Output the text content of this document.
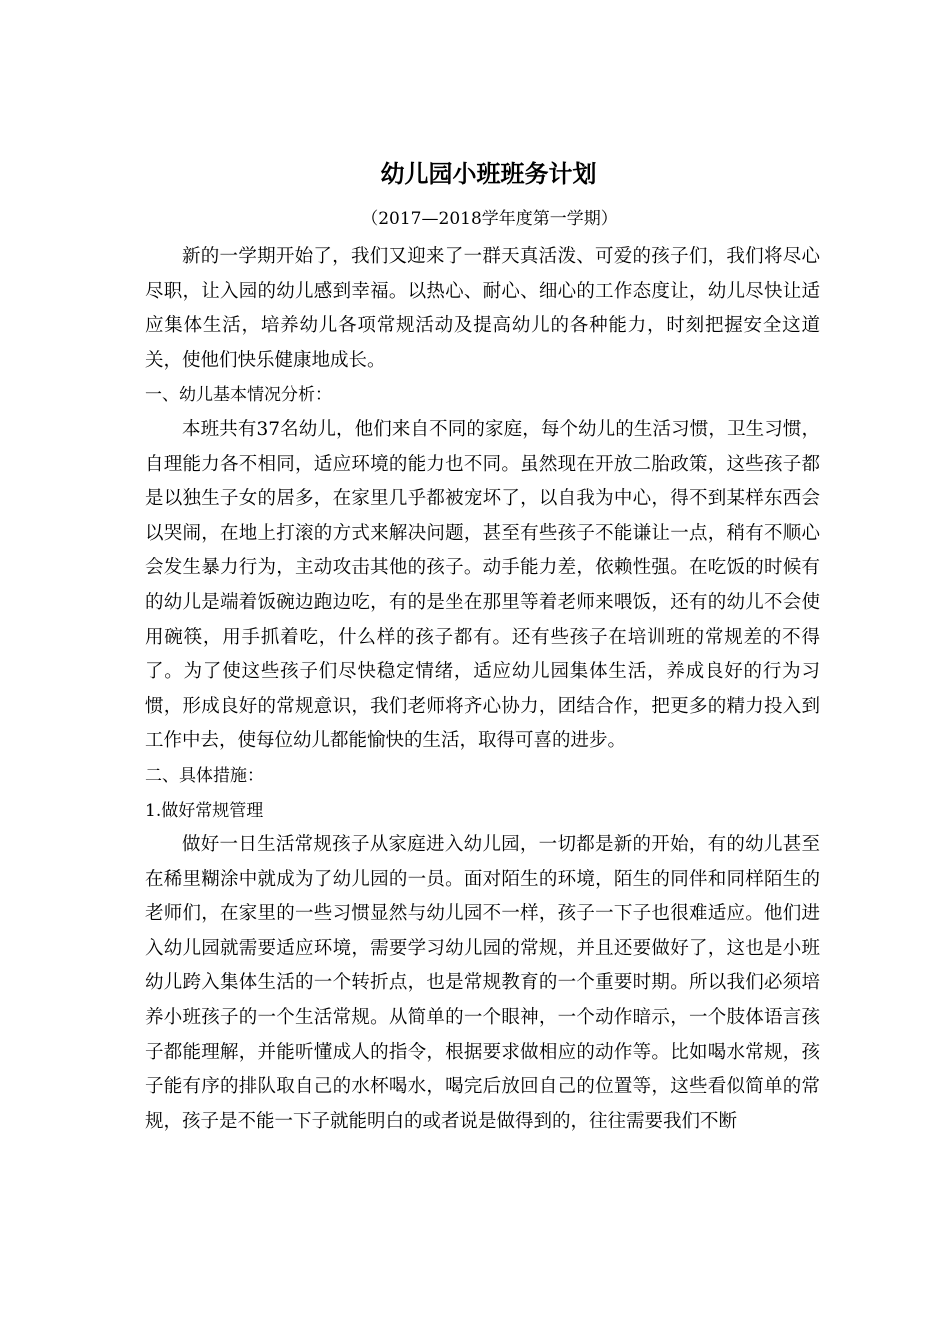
幼儿园小班班务计划

（2017—2018学年度第一学期）

新的一学期开始了，我们又迎来了一群天真活泼、可爱的孩子们，我们将尽心尽职，让入园的幼儿感到幸福。以热心、耐心、细心的工作态度让，幼儿尽快让适应集体生活，培养幼儿各项常规活动及提高幼儿的各种能力，时刻把握安全这道关，使他们快乐健康地成长。

一、幼儿基本情况分析：

本班共有37名幼儿，他们来自不同的家庭，每个幼儿的生活习惯，卫生习惯，自理能力各不相同，适应环境的能力也不同。虽然现在开放二胎政策，这些孩子都是以独生子女的居多，在家里几乎都被宠坏了，以自我为中心，得不到某样东西会以哭闹，在地上打滚的方式来解决问题，甚至有些孩子不能谦让一点，稍有不顺心会发生暴力行为，主动攻击其他的孩子。动手能力差，依赖性强。在吃饭的时候有的幼儿是端着饭碗边跑边吃，有的是坐在那里等着老师来喂饭，还有的幼儿不会使用碗筷，用手抓着吃，什么样的孩子都有。还有些孩子在培训班的常规差的不得了。为了使这些孩子们尽快稳定情绪，适应幼儿园集体生活，养成良好的行为习惯，形成良好的常规意识，我们老师将齐心协力，团结合作，把更多的精力投入到工作中去，使每位幼儿都能愉快的生活，取得可喜的进步。

二、具体措施：

1.做好常规管理

做好一日生活常规孩子从家庭进入幼儿园，一切都是新的开始，有的幼儿甚至在稀里糊涂中就成为了幼儿园的一员。面对陌生的环境，陌生的同伴和同样陌生的老师们，在家里的一些习惯显然与幼儿园不一样，孩子一下子也很难适应。他们进入幼儿园就需要适应环境，需要学习幼儿园的常规，并且还要做好了，这也是小班幼儿跨入集体生活的一个转折点，也是常规教育的一个重要时期。所以我们必须培养小班孩子的一个生活常规。从简单的一个眼神，一个动作暗示，一个肢体语言孩子都能理解，并能听懂成人的指令，根据要求做相应的动作等。比如喝水常规，孩子能有序的排队取自己的水杯喝水，喝完后放回自己的位置等，这些看似简单的常规，孩子是不能一下子就能明白的或者说是做得到的，往往需要我们不断
